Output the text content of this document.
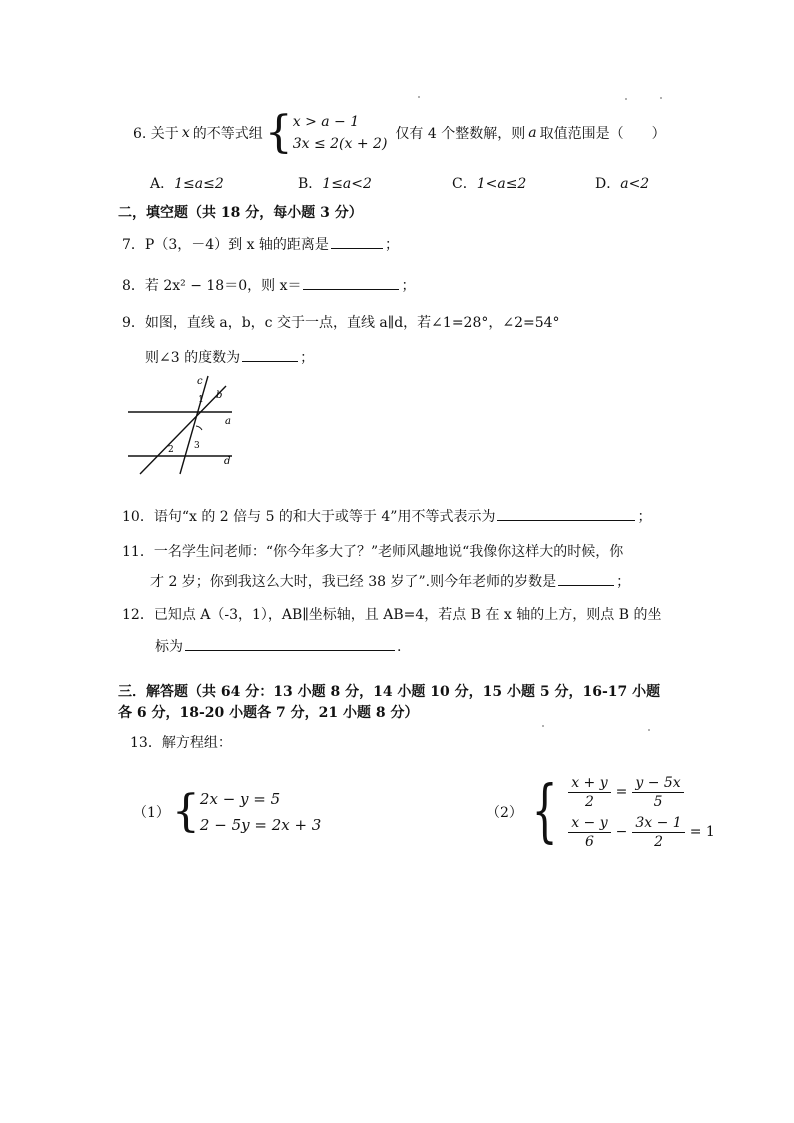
6. 关于 x 的不等式组 { x > a − 1
3x ≤ 2(x + 2)
仅有 4 个整数解，则 a 取值范围是（　　）
A．1≤a≤2	B．1≤a<2	C．1<a≤2	D．a<2
二，填空题（共 18 分，每小题 3 分）
7．P（3，－4）到 x 轴的距离是	；
8．若 2x² − 18＝0，则 x＝	；
9．如图，直线 a，b，c 交于一点，直线 a∥d，若∠1=28°，∠2=54°
则∠3 的度数为	；
c
b
a
d
1
2 3
10．语句“x 的 2 倍与 5 的和大于或等于 4”用不等式表示为	；
11．一名学生问老师：“你今年多大了？”老师风趣地说“我像你这样大的时候，你
才 2 岁；你到我这么大时，我已经 38 岁了”.则今年老师的岁数是	；
12．已知点 A（-3，1），AB∥坐标轴，且 AB=4，若点 B 在 x 轴的上方，则点 B 的坐
标为	.
三．解答题（共 64 分：13 小题 8 分，14 小题 10 分，15 小题 5 分，16-17 小题
各 6 分，18-20 小题各 7 分，21 小题 8 分）
13．解方程组：
（1） { 2x − y = 5
2 − 5y = 2x + 3
（2） { $\frac{x + y}{2} = \frac{y - 5x}{5}$
$\frac{x - y}{6} - \frac{3x - 1}{2} = 1$
